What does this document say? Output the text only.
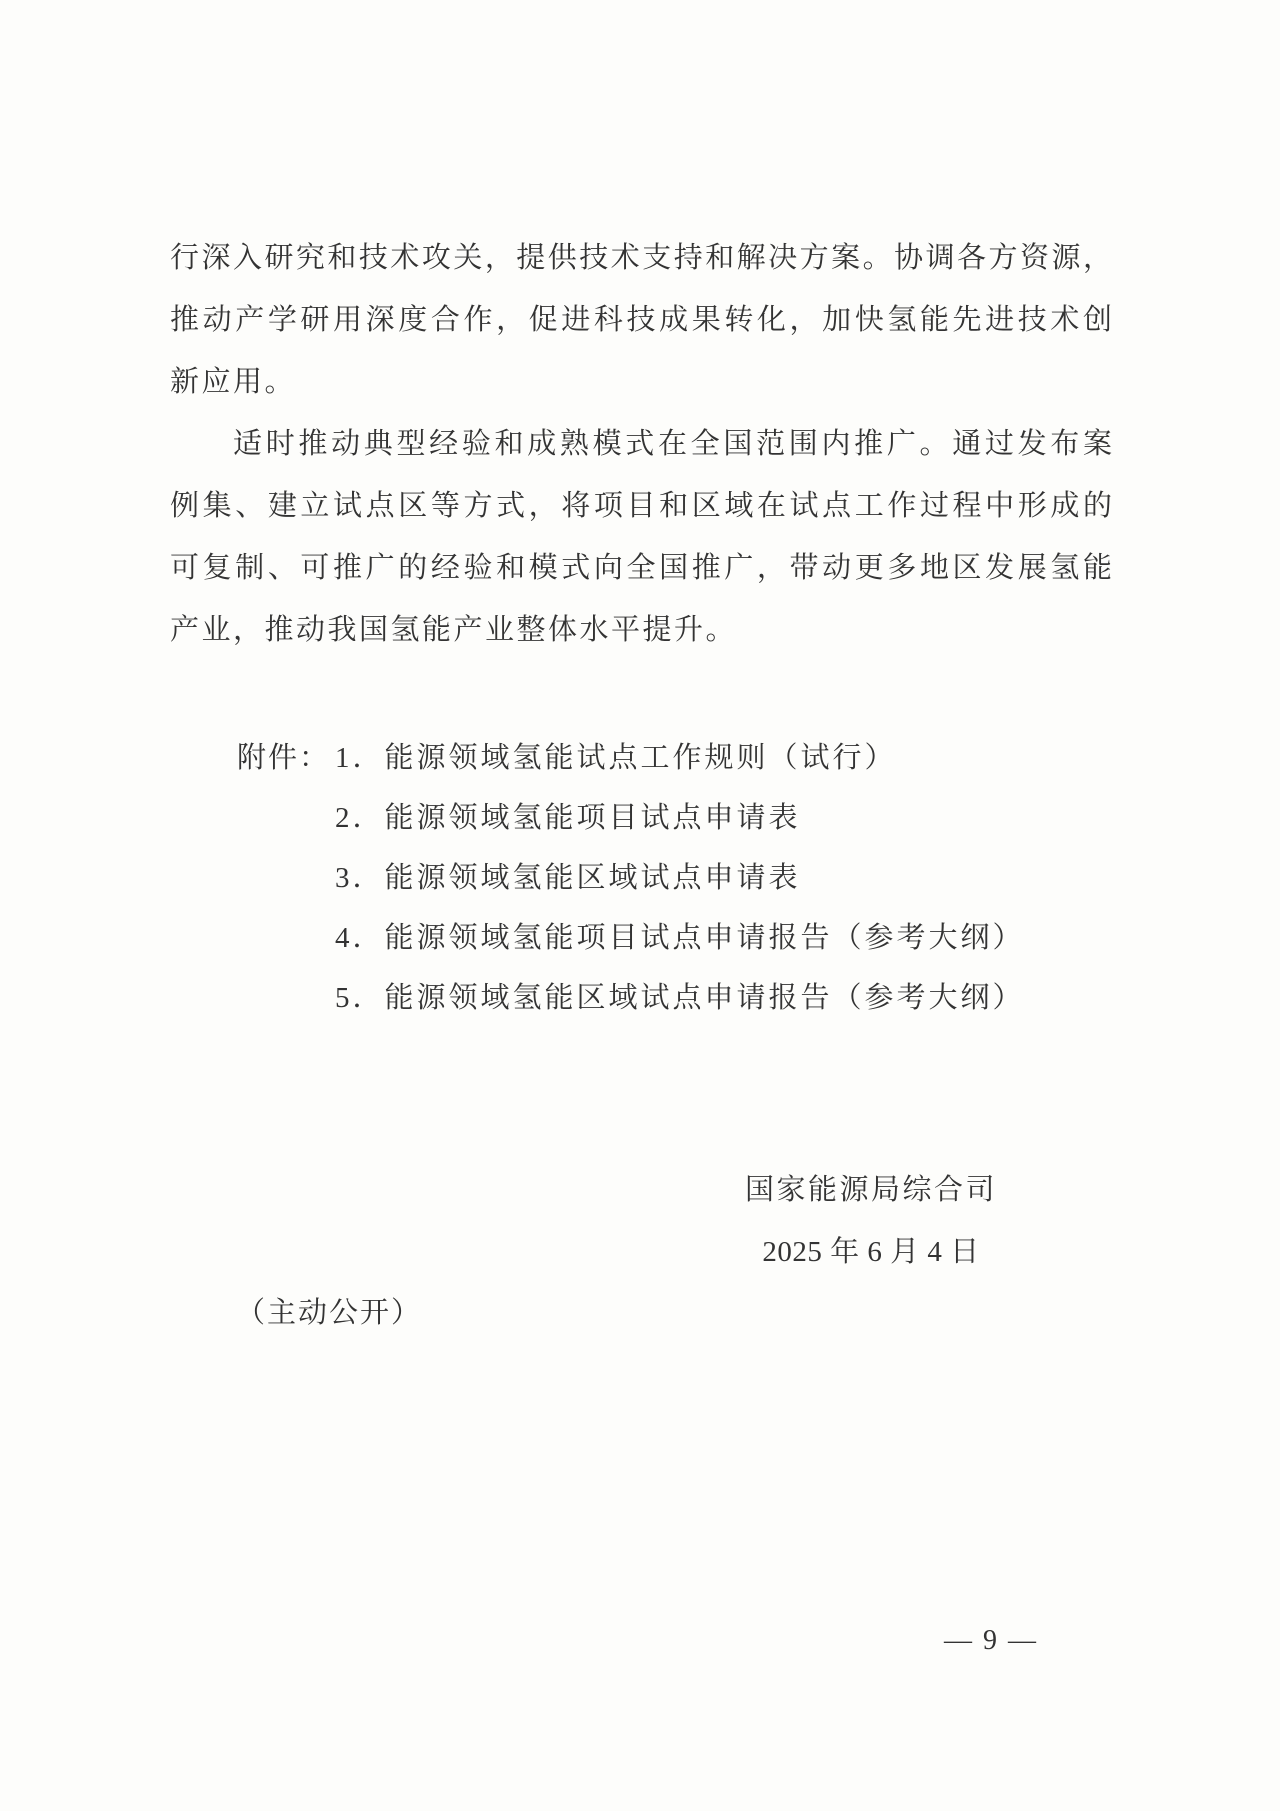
行深入研究和技术攻关，提供技术支持和解决方案。协调各方资源，
推动产学研用深度合作，促进科技成果转化，加快氢能先进技术创
新应用。
适时推动典型经验和成熟模式在全国范围内推广。通过发布案
例集、建立试点区等方式，将项目和区域在试点工作过程中形成的
可复制、可推广的经验和模式向全国推广，带动更多地区发展氢能
产业，推动我国氢能产业整体水平提升。
附件： 1．能源领域氢能试点工作规则（试行）
2．能源领域氢能项目试点申请表
3．能源领域氢能区域试点申请表
4．能源领域氢能项目试点申请报告（参考大纲）
5．能源领域氢能区域试点申请报告（参考大纲）
国家能源局综合司
2025 年 6 月 4 日
（主动公开）
— 9 —
